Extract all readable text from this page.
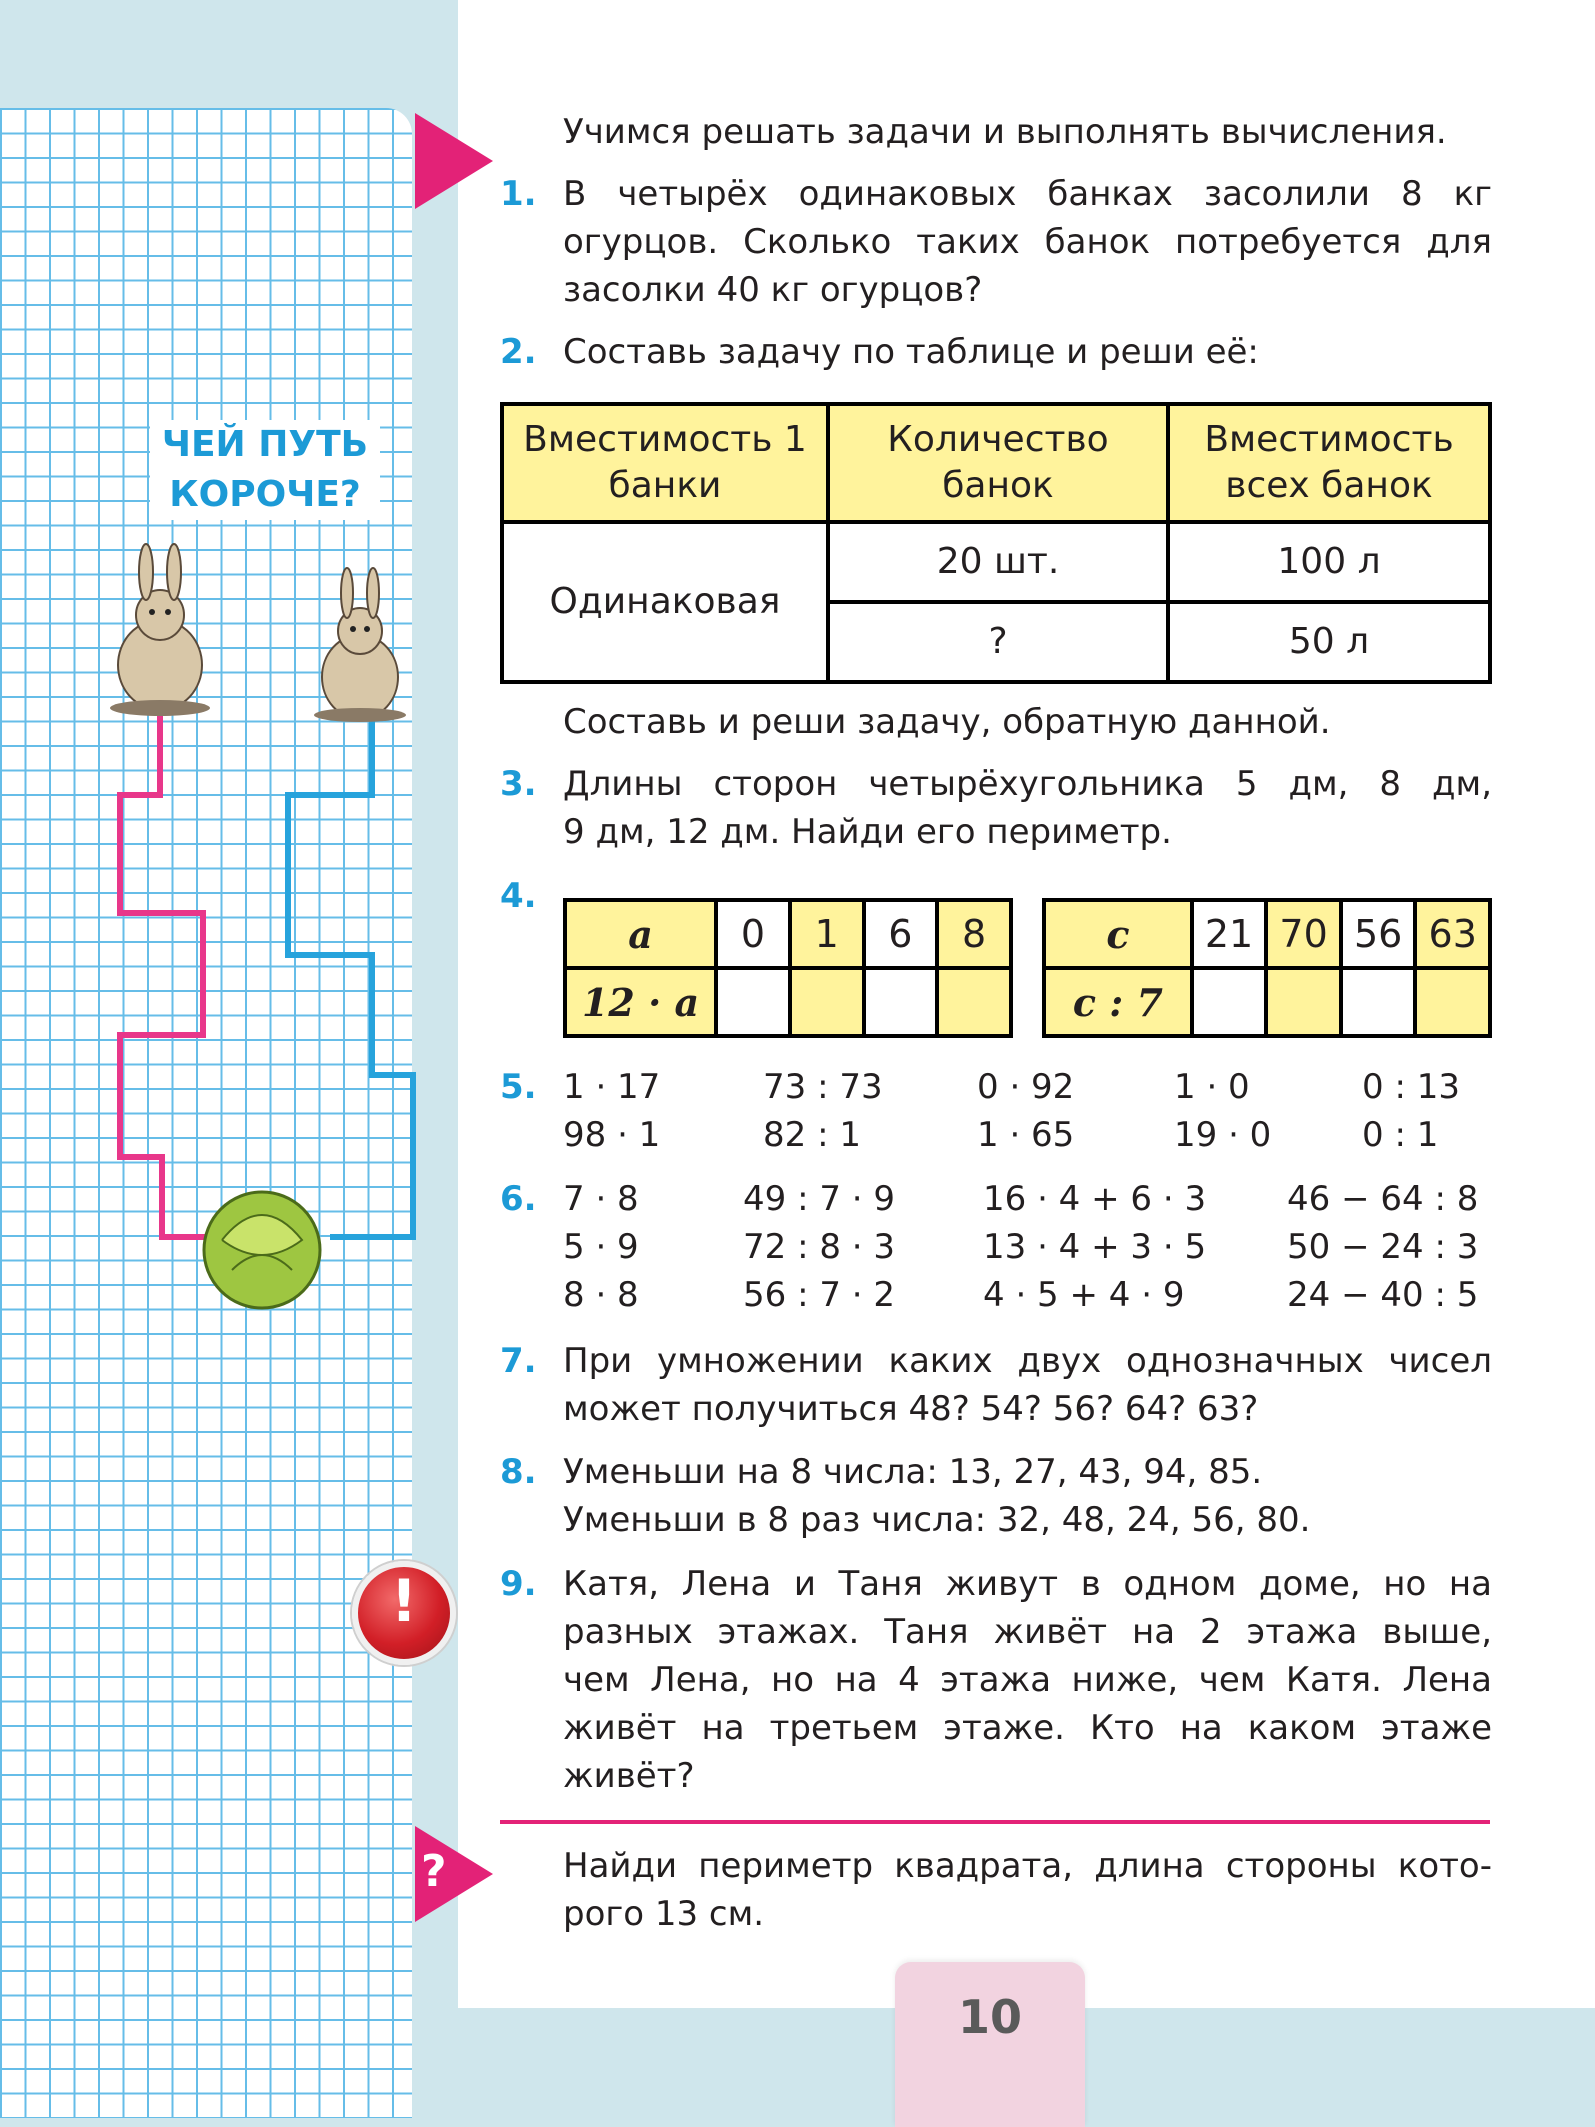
ЧЕЙ ПУТЬ
КОРОЧЕ?
?
!
Учимся решать задачи и выполнять вычисления.
1. В четырёх одинаковых банках засолили 8 кг
огурцов. Сколько таких банок потребуется для
засолки 40 кг огурцов?
2. Составь задачу по таблице и реши её:
Вместимость 1 банки	Количество банок	Вместимость всех банок
Одинаковая	20 шт.	100 л
	?	50 л
Составь и реши задачу, обратную данной.
3. Длины сторон четырёхугольника 5 дм, 8 дм,
9 дм, 12 дм. Найди его периметр.
4.
a	0	1	6	8
12 · a				
c	21	70	56	63
c : 7				
5. 1 · 17
98 · 1
73 : 73
82 : 1
0 · 92
1 · 65
1 · 0
19 · 0
0 : 13
0 : 1
6. 7 · 8
5 · 9
8 · 8
49 : 7 · 9
72 : 8 · 3
56 : 7 · 2
16 · 4 + 6 · 3
13 · 4 + 3 · 5
4 · 5 + 4 · 9
46 − 64 : 8
50 − 24 : 3
24 − 40 : 5
7. При умножении каких двух однозначных чисел
может получиться 48? 54? 56? 64? 63?
8. Уменьши на 8 числа: 13, 27, 43, 94, 85.
Уменьши в 8 раз числа: 32, 48, 24, 56, 80.
9. Катя, Лена и Таня живут в одном доме, но на
разных этажах. Таня живёт на 2 этажа выше,
чем Лена, но на 4 этажа ниже, чем Катя. Лена
живёт на третьем этаже. Кто на каком этаже
живёт?
Найди периметр квадрата, длина стороны кото-
рого 13 см.
10
